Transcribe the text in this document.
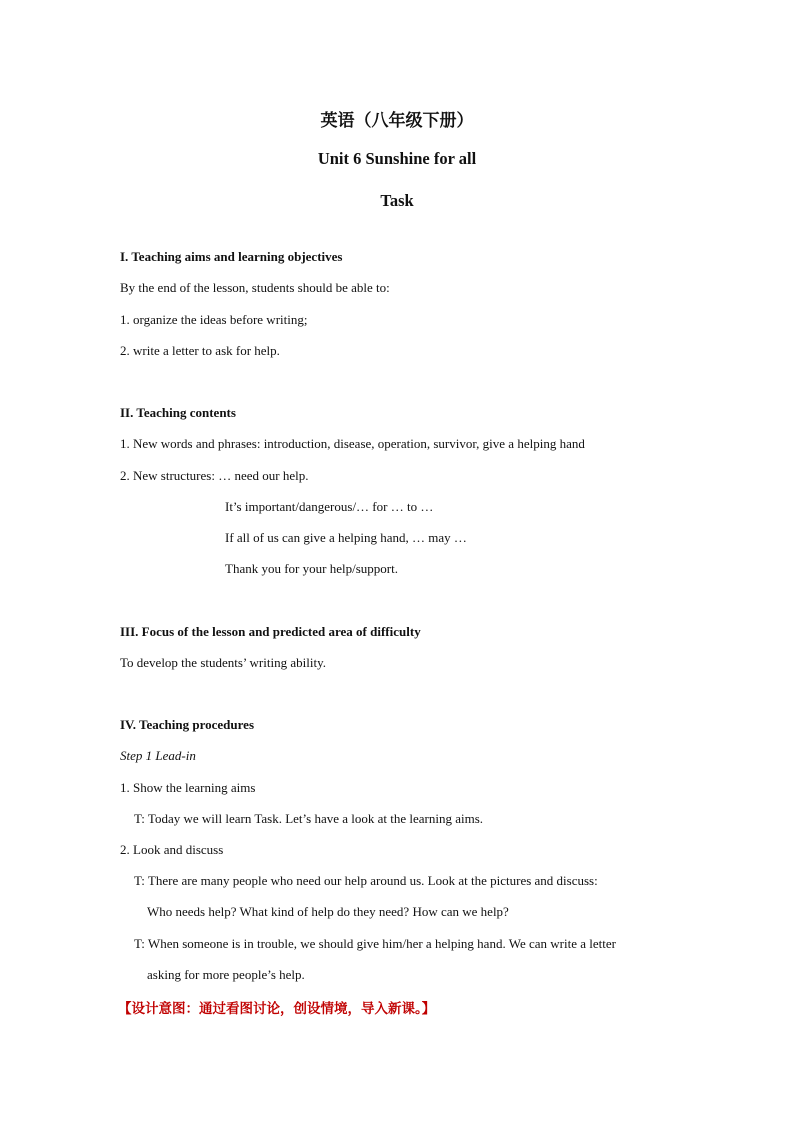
英语（八年级下册）
Unit 6 Sunshine for all
Task
I. Teaching aims and learning objectives
By the end of the lesson, students should be able to:
1. organize the ideas before writing;
2. write a letter to ask for help.
II. Teaching contents
1. New words and phrases: introduction, disease, operation, survivor, give a helping hand
2. New structures: … need our help.
It’s important/dangerous/… for … to …
If all of us can give a helping hand, … may …
Thank you for your help/support.
III. Focus of the lesson and predicted area of difficulty
To develop the students’ writing ability.
IV. Teaching procedures
Step 1 Lead-in
1. Show the learning aims
T: Today we will learn Task. Let’s have a look at the learning aims.
2. Look and discuss
T: There are many people who need our help around us. Look at the pictures and discuss:
Who needs help? What kind of help do they need? How can we help?
T: When someone is in trouble, we should give him/her a helping hand. We can write a letter
asking for more people’s help.
【设计意图：通过看图讨论，创设情境，导入新课。】
